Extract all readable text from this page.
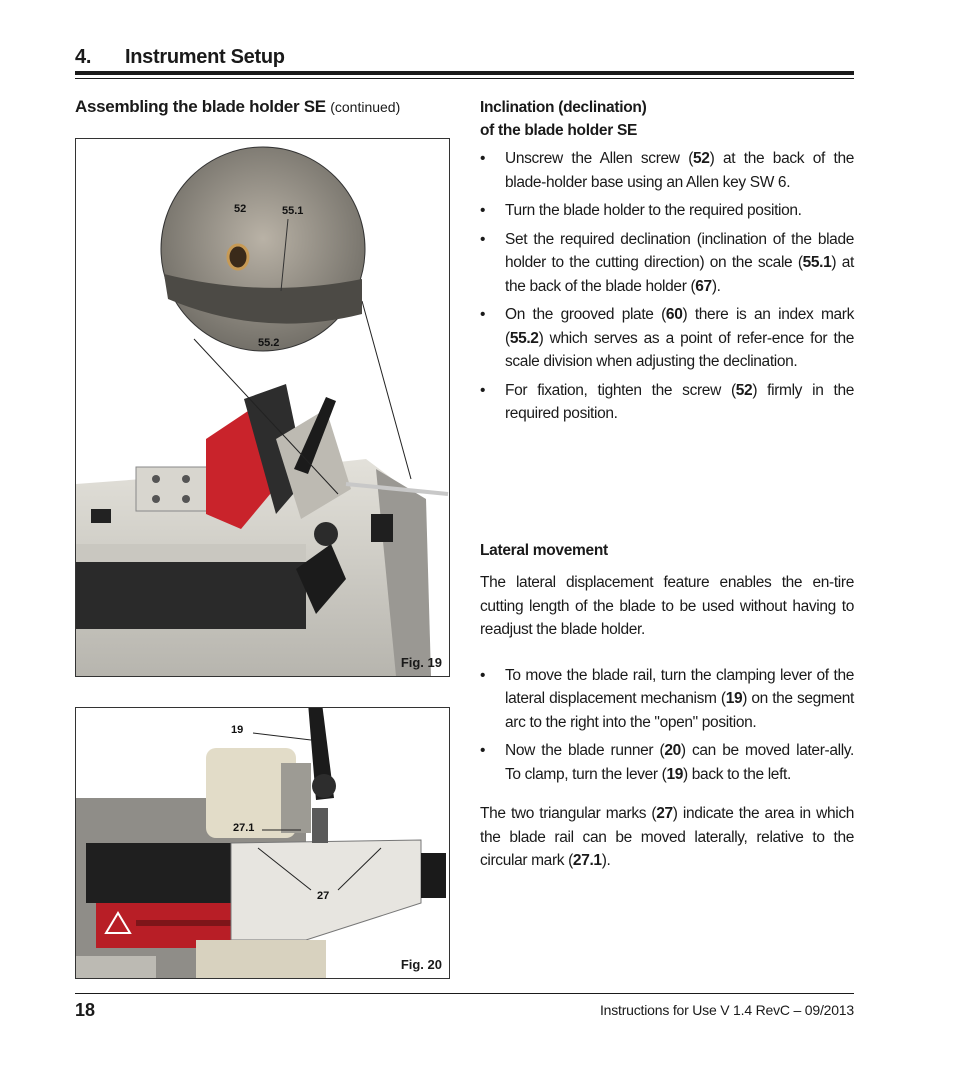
4. Instrument Setup
Assembling the blade holder SE (continued)
52	55.1
55.2
Fig. 19
19
27.1
27
Fig. 20
Inclination (declination)
of the blade holder SE
• Unscrew the Allen screw (52) at the back of the blade-holder base using an Allen key SW 6.
• Turn the blade holder to the required position.
• Set the required declination (inclination of the blade holder to the cutting direction) on the scale (55.1) at the back of the blade holder (67).
• On the grooved plate (60) there is an index mark (55.2) which serves as a point of refer-ence for the scale division when adjusting the declination.
• For fixation, tighten the screw (52) firmly in the required position.
Lateral movement

The lateral displacement feature enables the en-tire cutting length of the blade to be used without having to readjust the blade holder.

• To move the blade rail, turn the clamping lever of the lateral displacement mechanism (19) on the segment arc to the right into the "open" position.
• Now the blade runner (20) can be moved later-ally. To clamp, turn the lever (19) back to the left.

The two triangular marks (27) indicate the area in which the blade rail can be moved laterally, relative to the circular mark (27.1).

18	Instructions for Use V 1.4 RevC – 09/2013
